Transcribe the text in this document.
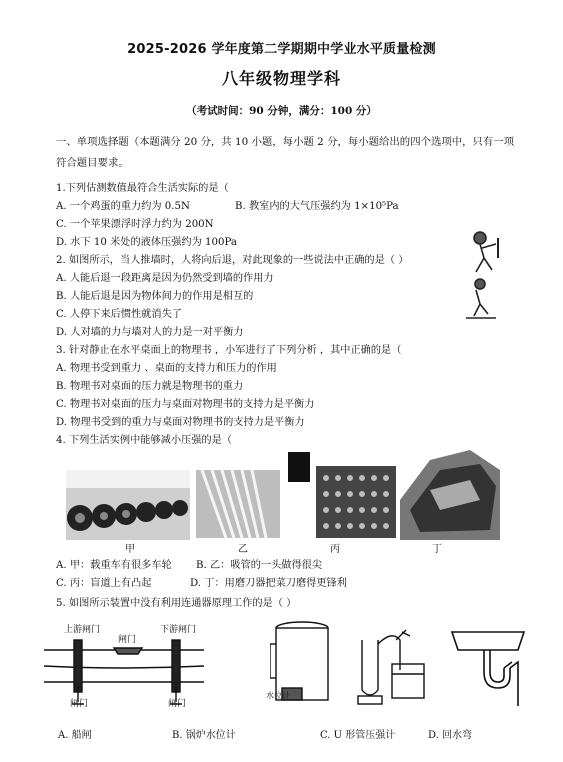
2025-2026 学年度第二学期期中学业水平质量检测
八年级物理学科
（考试时间：90 分钟，满分：100 分）
一、单项选择题（本题满分 20 分，共 10 小题，每小题 2 分，每小题给出的四个选项中，只有一项
符合题目要求。
1.下列估测数值最符合生活实际的是（
A. 一个鸡蛋的重力约为 0.5N	B. 教室内的大气压强约为 1×10⁵Pa
C. 一个苹果漂浮时浮力约为 200N
D. 水下 10 米处的液体压强约为 100Pa
2. 如图所示，当人推墙时，人将向后退，对此现象的一些说法中正确的是（ ）
A. 人能后退一段距离是因为仍然受到墙的作用力
B. 人能后退是因为物体间力的作用是相互的
C. 人停下来后惯性就消失了
D. 人对墙的力与墙对人的力是一对平衡力
3. 针对静止在水平桌面上的物理书 ，小军进行了下列分析 ，其中正确的是（
A. 物理书受到重力 、桌面的支持力和压力的作用
B. 物理书对桌面的压力就是物理书的重力
C. 物理书对桌面的压力与桌面对物理书的支持力是平衡力
D. 物理书受到的重力与桌面对物理书的支持力是平衡力
4. 下列生活实例中能够减小压强的是（
甲	乙	丙	丁
A. 甲：载重车有很多车轮 B. 乙：吸管的一头做得很尖
C. 丙：盲道上有凸起	D. 丁：用磨刀器把菜刀磨得更锋利
5. 如图所示装置中没有利用连通器原理工作的是（ ）
上游闸门
闸门
下游闸门
闸门	闸门
水位计
A. 船闸	B. 锅炉水位计	C. U 形管压强计	D. 回水弯
